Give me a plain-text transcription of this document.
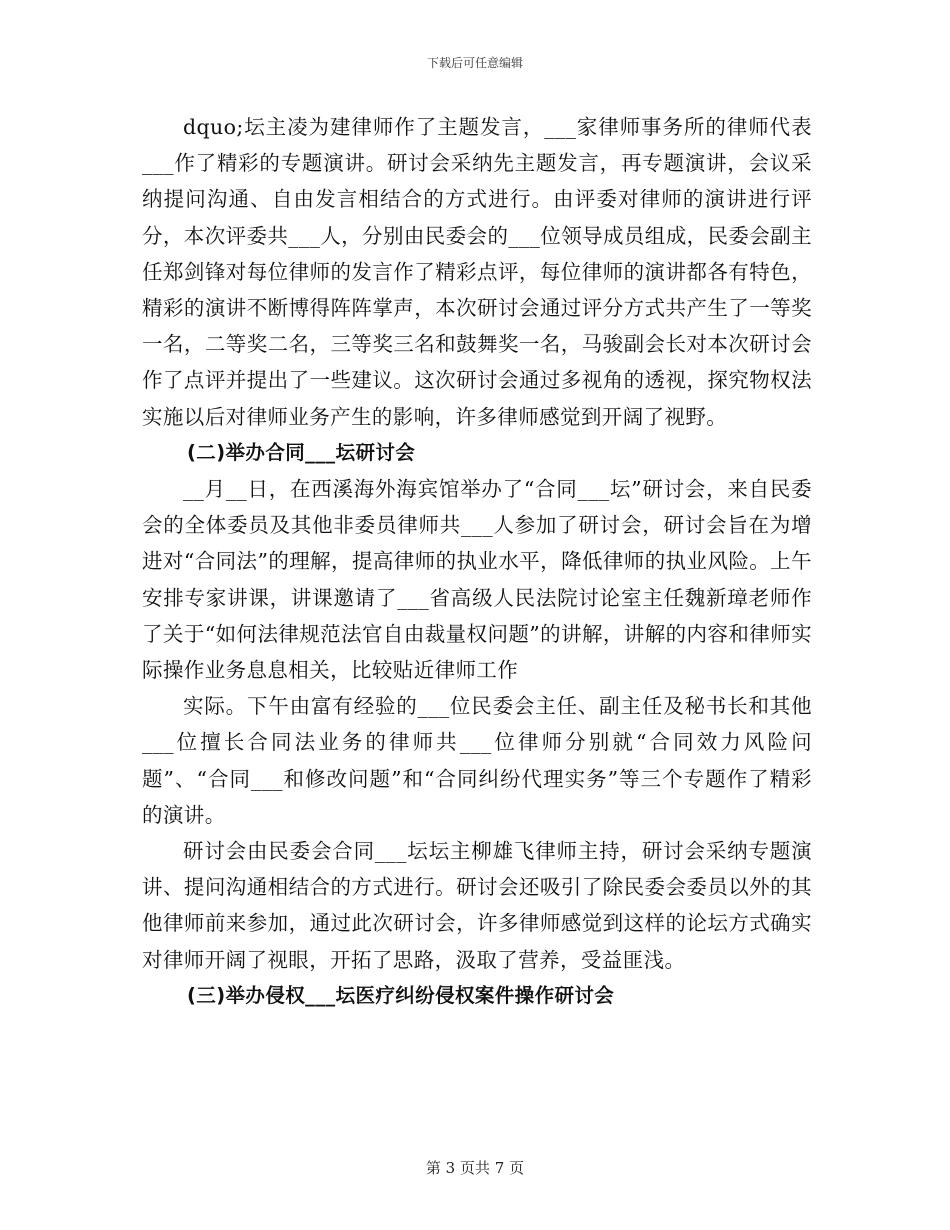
下载后可任意编辑

dquo;坛主凌为建律师作了主题发言，___家律师事务所的律师代表___作了精彩的专题演讲。研讨会采纳先主题发言，再专题演讲，会议采纳提问沟通、自由发言相结合的方式进行。由评委对律师的演讲进行评分，本次评委共___人，分别由民委会的___位领导成员组成，民委会副主任郑剑锋对每位律师的发言作了精彩点评，每位律师的演讲都各有特色，精彩的演讲不断博得阵阵掌声，本次研讨会通过评分方式共产生了一等奖一名，二等奖二名，三等奖三名和鼓舞奖一名，马骏副会长对本次研讨会作了点评并提出了一些建议。这次研讨会通过多视角的透视，探究物权法实施以后对律师业务产生的影响，许多律师感觉到开阔了视野。

(二)举办合同___坛研讨会

__月__日，在西溪海外海宾馆举办了“合同___坛”研讨会，来自民委会的全体委员及其他非委员律师共___人参加了研讨会，研讨会旨在为增进对“合同法”的理解，提高律师的执业水平，降低律师的执业风险。上午安排专家讲课，讲课邀请了___省高级人民法院讨论室主任魏新璋老师作了关于“如何法律规范法官自由裁量权问题”的讲解，讲解的内容和律师实际操作业务息息相关，比较贴近律师工作

实际。下午由富有经验的___位民委会主任、副主任及秘书长和其他___位擅长合同法业务的律师共___位律师分别就“合同效力风险问题”、“合同___和修改问题”和“合同纠纷代理实务”等三个专题作了精彩的演讲。

研讨会由民委会合同___坛坛主柳雄飞律师主持，研讨会采纳专题演讲、提问沟通相结合的方式进行。研讨会还吸引了除民委会委员以外的其他律师前来参加，通过此次研讨会，许多律师感觉到这样的论坛方式确实对律师开阔了视眼，开拓了思路，汲取了营养，受益匪浅。

(三)举办侵权___坛医疗纠纷侵权案件操作研讨会

第 3 页共 7 页
